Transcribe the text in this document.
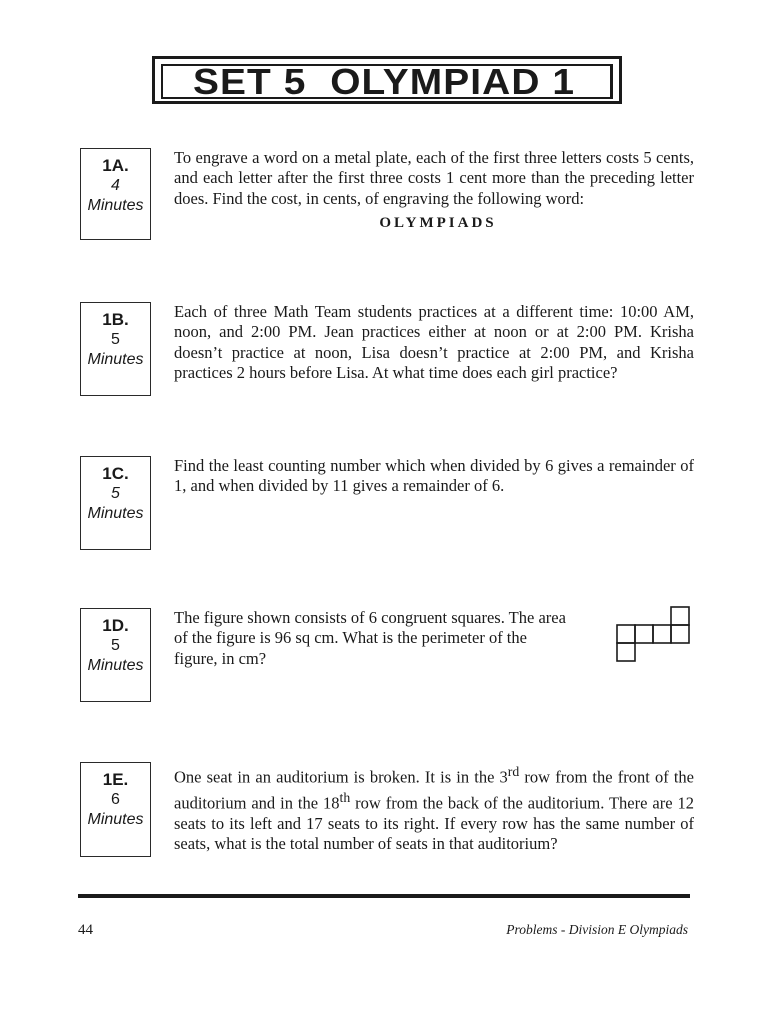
SET 5  OLYMPIAD 1
1A.
4
Minutes
To engrave a word on a metal plate, each of the first three letters costs 5 cents, and each letter after the first three costs 1 cent more than the preceding letter does. Find the cost, in cents, of engraving the following word:
OLYMPIADS
1B.
5
Minutes
Each of three Math Team students practices at a different time: 10:00 AM, noon, and 2:00 PM. Jean practices either at noon or at 2:00 PM. Krisha doesn’t practice at noon, Lisa doesn’t practice at 2:00 PM, and Krisha practices 2 hours before Lisa. At what time does each girl practice?
1C.
5
Minutes
Find the least counting number which when divided by 6 gives a remainder of 1, and when divided by 11 gives a remainder of 6.
1D.
5
Minutes
The figure shown consists of 6 congruent squares. The area of the figure is 96 sq cm. What is the perimeter of the figure, in cm?
1E.
6
Minutes
One seat in an auditorium is broken. It is in the 3rd row from the front of the auditorium and in the 18th row from the back of the auditorium. There are 12 seats to its left and 17 seats to its right. If every row has the same number of seats, what is the total number of seats in that auditorium?
44	Problems - Division E Olympiads
